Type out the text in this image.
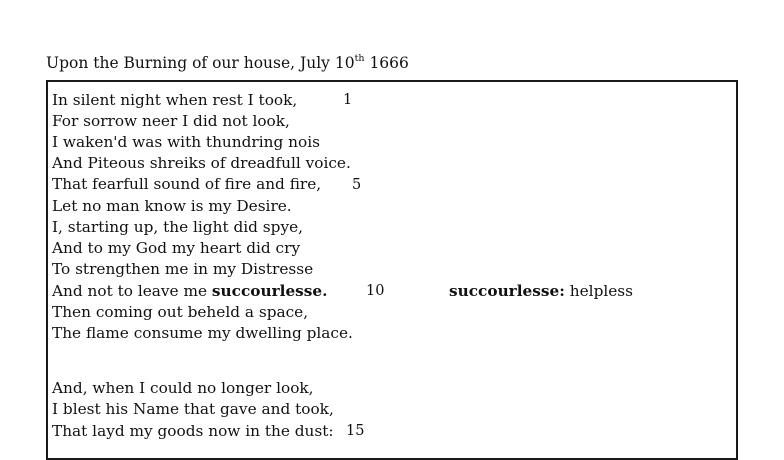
Upon the Burning of our house, July 10th 1666
In silent night when rest I took,
For sorrow neer I did not look,
I waken'd was with thundring nois
And Piteous shreiks of dreadfull voice.
That fearfull sound of fire and fire,
Let no man know is my Desire.
I, starting up, the light did spye,
And to my God my heart did cry
To strengthen me in my Distresse
And not to leave me succourlesse.
Then coming out beheld a space,
The flame consume my dwelling place.
And, when I could no longer look,
I blest his Name that gave and took,
That layd my goods now in the dust:
1
5
10
15
succourlesse: helpless
